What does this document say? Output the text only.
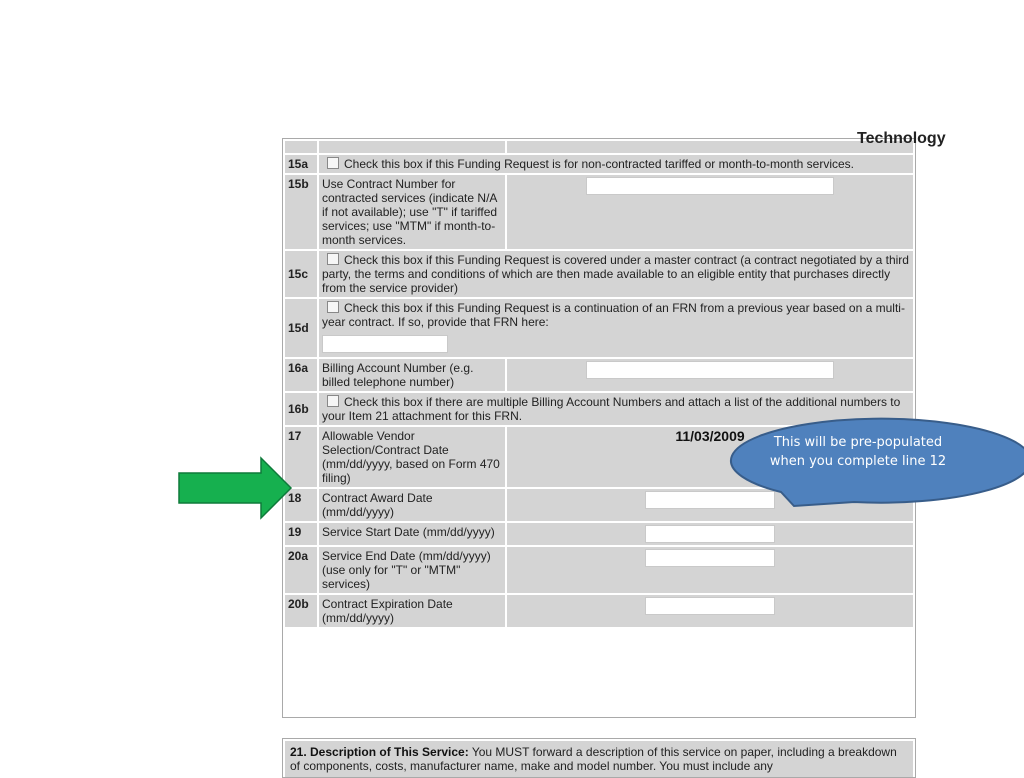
		Technology

15a	Check this box if this Funding Request is for non-contracted tariffed or month-to-month services.	
15b	Use Contract Number for contracted services (indicate N/A if not available); use "T" if tariffed services; use "MTM" if month-to-month services.	
15c	Check this box if this Funding Request is covered under a master contract (a contract negotiated by a third party, the terms and conditions of which are then made available to an eligible entity that purchases directly from the service provider)	
15d	Check this box if this Funding Request is a continuation of an FRN from a previous year based on a multi-year contract. If so, provide that FRN here:	

16a	Billing Account Number (e.g. billed telephone number)	
16b	Check this box if there are multiple Billing Account Numbers and attach a list of the additional numbers to your Item 21 attachment for this FRN.	
17	Allowable Vendor Selection/Contract Date (mm/dd/yyyy, based on Form 470 filing)	11/03/2009
18	Contract Award Date (mm/dd/yyyy)	
19	Service Start Date (mm/dd/yyyy)	
20a	Service End Date (mm/dd/yyyy) (use only for "T" or "MTM" services)	
20b	Contract Expiration Date (mm/dd/yyyy)	
21. Description of This Service: You MUST forward a description of this service on paper, including a breakdown of components, costs, manufacturer name, make and model number. You must include any
This will be pre-populated
when you complete line 12
